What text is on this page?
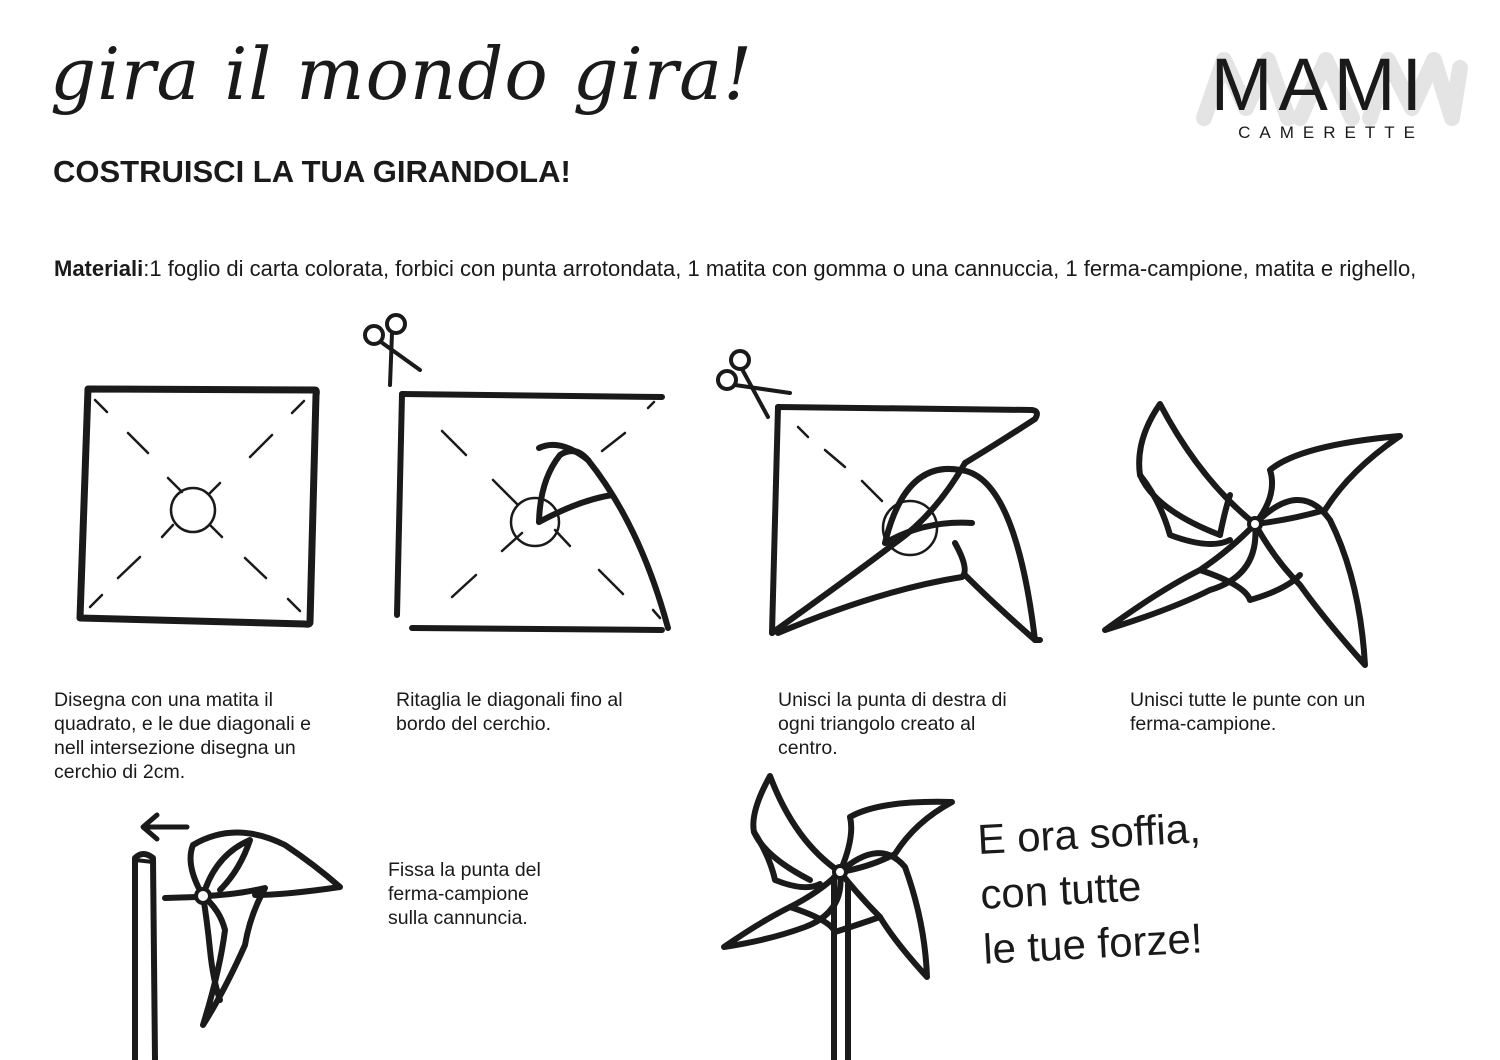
gira il mondo gira!
COSTRUISCI LA TUA GIRANDOLA!
MAMI
CAMERETTE
Materiali:1 foglio di carta colorata, forbici con punta arrotondata, 1 matita con gomma o una cannuccia, 1 ferma-campione, matita e righello,
Disegna con una matita il
quadrato, e le due diagonali e
nell intersezione disegna un
cerchio di 2cm.
Ritaglia le diagonali fino al
bordo del cerchio.
Unisci la punta di destra di
ogni triangolo creato al
centro.
Unisci tutte le punte con un
ferma-campione.
Fissa la punta del
ferma-campione
sulla cannuncia.
E ora soffia,
con tutte
le tue forze!
